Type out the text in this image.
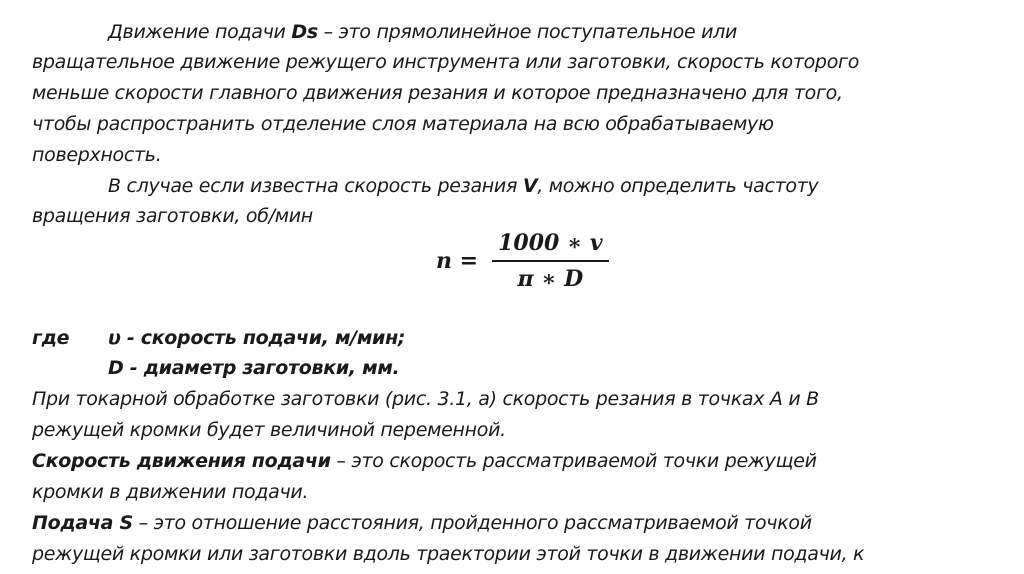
Движение подачи Ds – это прямолинейное поступательное или
вращательное движение режущего инструмента или заготовки, скорость которого
меньше скорости главного движения резания и которое предназначено для того,
чтобы распространить отделение слоя материала на всю обрабатываемую
поверхность.
В случае если известна скорость резания V, можно определить частоту
вращения заготовки, об/мин
$n = \frac{1000 ∗ v}{\pi ∗ D}$
где υ - скорость подачи, м/мин;
D - диаметр заготовки, мм.
При токарной обработке заготовки (рис. 3.1, а) скорость резания в точках А и В
режущей кромки будет величиной переменной.
Скорость движения подачи – это скорость рассматриваемой точки режущей
кромки в движении подачи.
Подача S – это отношение расстояния, пройденного рассматриваемой точкой
режущей кромки или заготовки вдоль траектории этой точки в движении подачи, к
